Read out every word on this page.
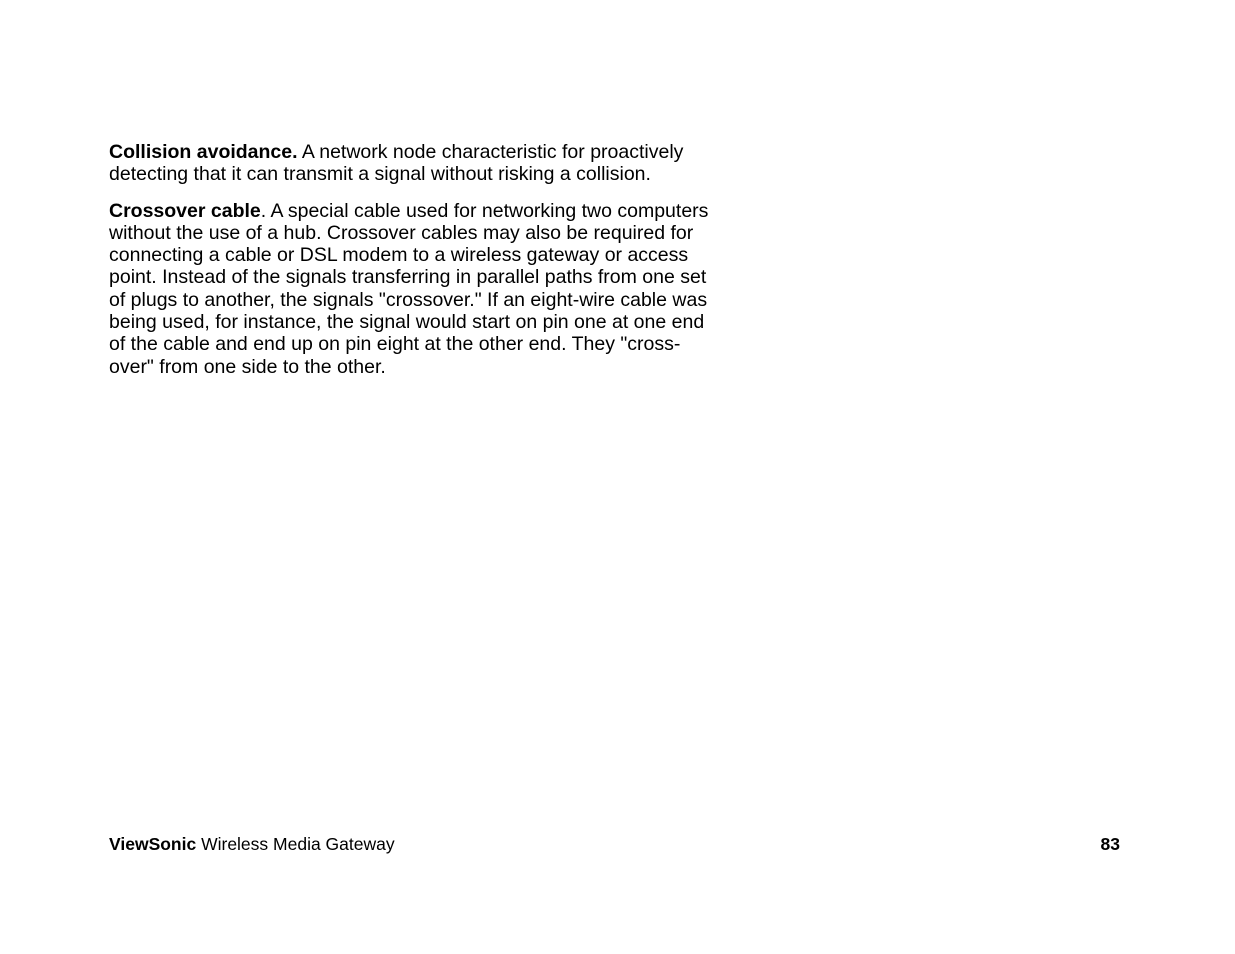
Collision avoidance. A network node characteristic for proactively detecting that it can transmit a signal without risking a collision.

Crossover cable. A special cable used for networking two computers without the use of a hub. Crossover cables may also be required for connecting a cable or DSL modem to a wireless gateway or access point. Instead of the signals transferring in parallel paths from one set of plugs to another, the signals "crossover." If an eight-wire cable was being used, for instance, the signal would start on pin one at one end of the cable and end up on pin eight at the other end. They "cross-over" from one side to the other.

ViewSonic Wireless Media Gateway	83
